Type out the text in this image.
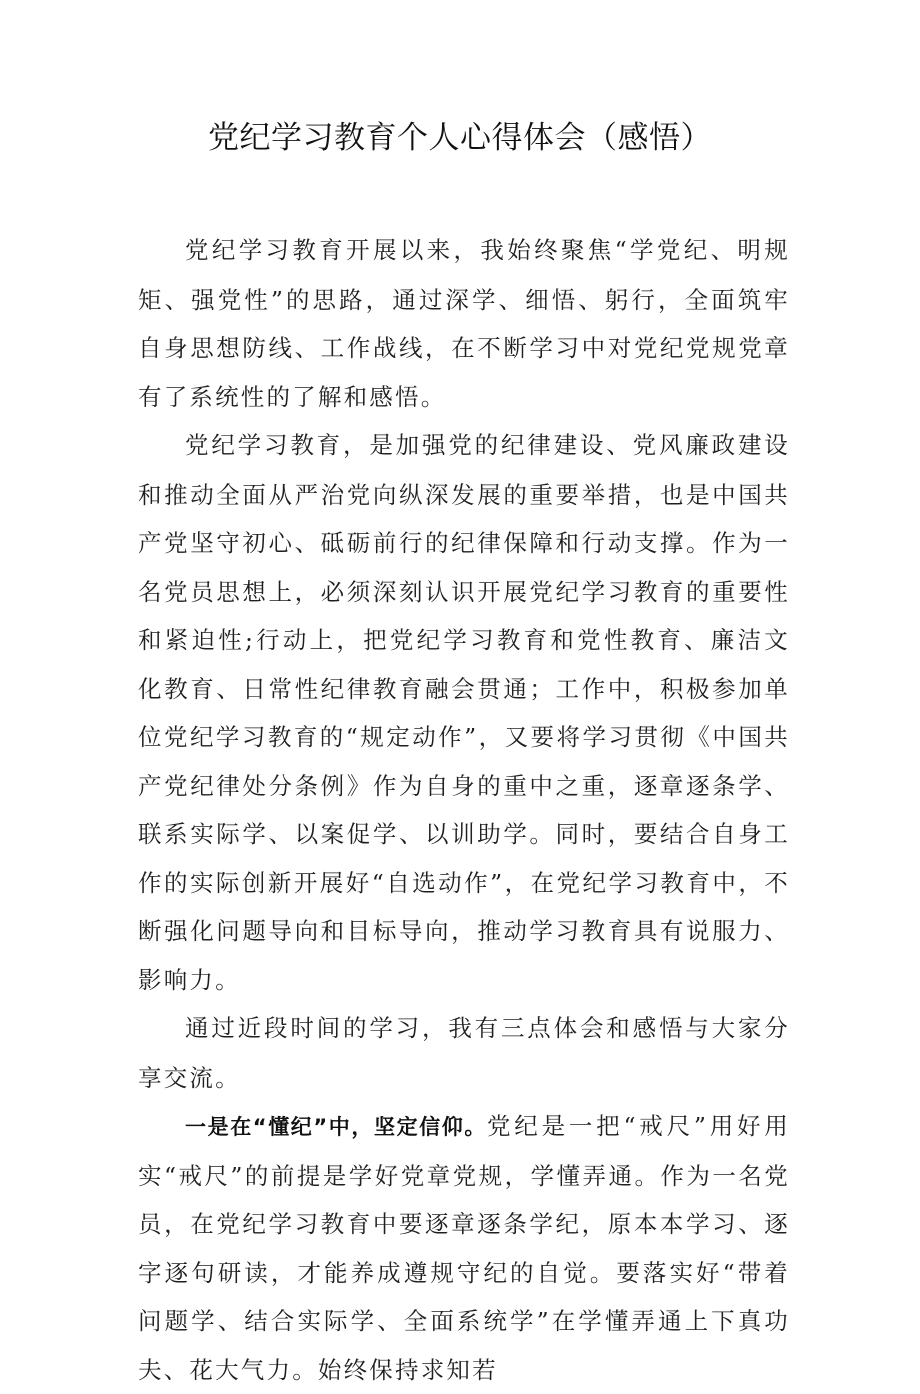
党纪学习教育个人心得体会（感悟）

党纪学习教育开展以来，我始终聚焦“学党纪、明规矩、强党性”的思路，通过深学、细悟、躬行，全面筑牢自身思想防线、工作战线，在不断学习中对党纪党规党章有了系统性的了解和感悟。

党纪学习教育，是加强党的纪律建设、党风廉政建设和推动全面从严治党向纵深发展的重要举措，也是中国共产党坚守初心、砥砺前行的纪律保障和行动支撑。作为一名党员思想上，必须深刻认识开展党纪学习教育的重要性和紧迫性;行动上，把党纪学习教育和党性教育、廉洁文化教育、日常性纪律教育融会贯通；工作中，积极参加单位党纪学习教育的“规定动作”，又要将学习贯彻《中国共产党纪律处分条例》作为自身的重中之重，逐章逐条学、联系实际学、以案促学、以训助学。同时，要结合自身工作的实际创新开展好“自选动作”，在党纪学习教育中，不断强化问题导向和目标导向，推动学习教育具有说服力、影响力。

通过近段时间的学习，我有三点体会和感悟与大家分享交流。

一是在“懂纪”中，坚定信仰。党纪是一把“戒尺”用好用实“戒尺”的前提是学好党章党规，学懂弄通。作为一名党员，在党纪学习教育中要逐章逐条学纪，原本本学习、逐字逐句研读，才能养成遵规守纪的自觉。要落实好“带着问题学、结合实际学、全面系统学”在学懂弄通上下真功夫、花大气力。始终保持求知若
